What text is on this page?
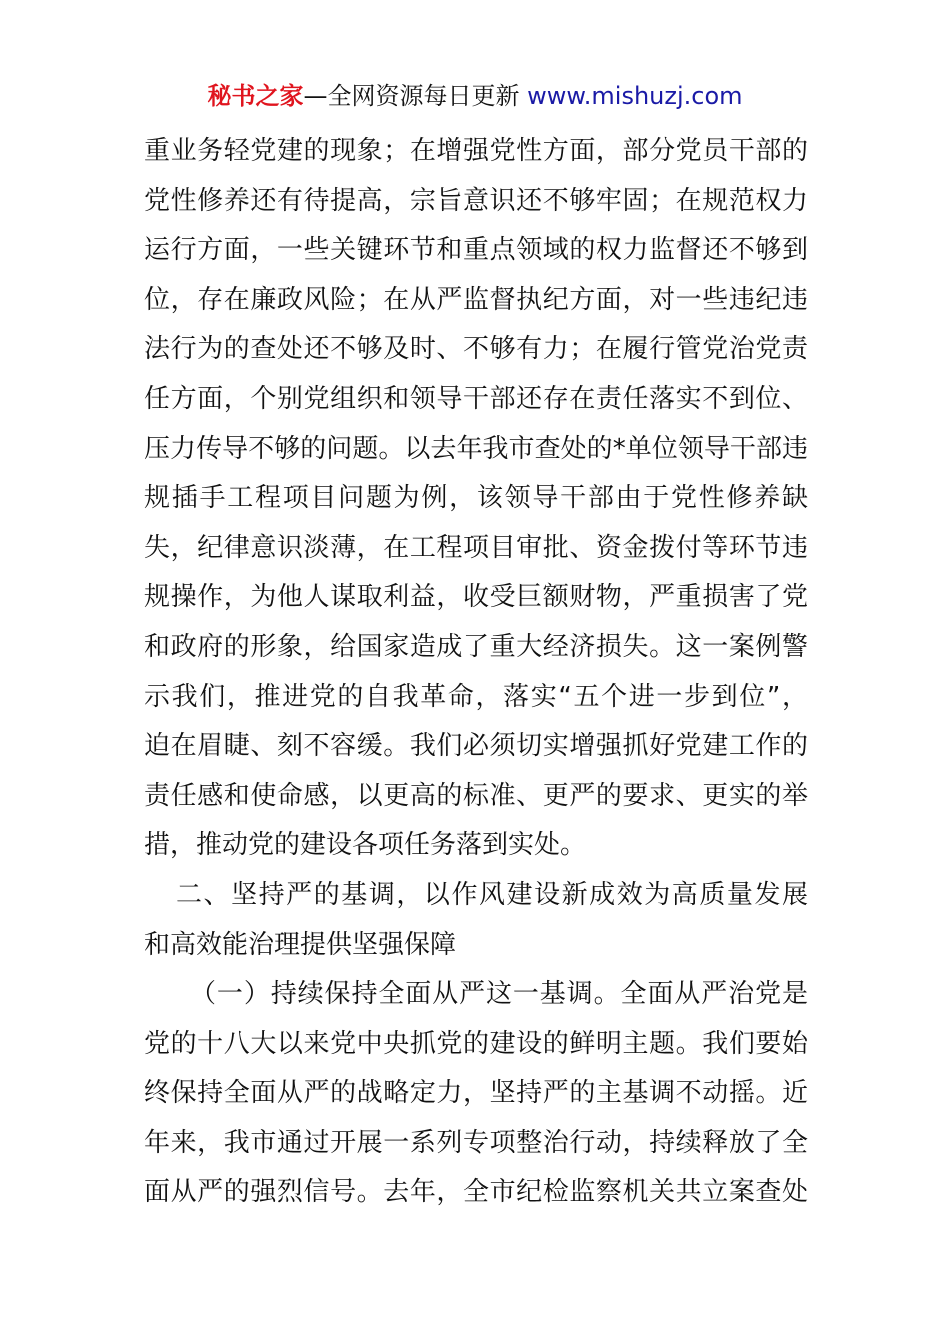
秘书之家—全网资源每日更新 www.mishuzj.com
重业务轻党建的现象；在增强党性方面，部分党员干部的
党性修养还有待提高，宗旨意识还不够牢固；在规范权力
运行方面，一些关键环节和重点领域的权力监督还不够到
位，存在廉政风险；在从严监督执纪方面，对一些违纪违
法行为的查处还不够及时、不够有力；在履行管党治党责
任方面，个别党组织和领导干部还存在责任落实不到位、
压力传导不够的问题。以去年我市查处的*单位领导干部违
规插手工程项目问题为例，该领导干部由于党性修养缺
失，纪律意识淡薄，在工程项目审批、资金拨付等环节违
规操作，为他人谋取利益，收受巨额财物，严重损害了党
和政府的形象，给国家造成了重大经济损失。这一案例警
示我们，推进党的自我革命，落实“五个进一步到位”，
迫在眉睫、刻不容缓。我们必须切实增强抓好党建工作的
责任感和使命感，以更高的标准、更严的要求、更实的举
措，推动党的建设各项任务落到实处。
二、坚持严的基调，以作风建设新成效为高质量发展
和高效能治理提供坚强保障
（一）持续保持全面从严这一基调。全面从严治党是
党的十八大以来党中央抓党的建设的鲜明主题。我们要始
终保持全面从严的战略定力，坚持严的主基调不动摇。近
年来，我市通过开展一系列专项整治行动，持续释放了全
面从严的强烈信号。去年，全市纪检监察机关共立案查处
